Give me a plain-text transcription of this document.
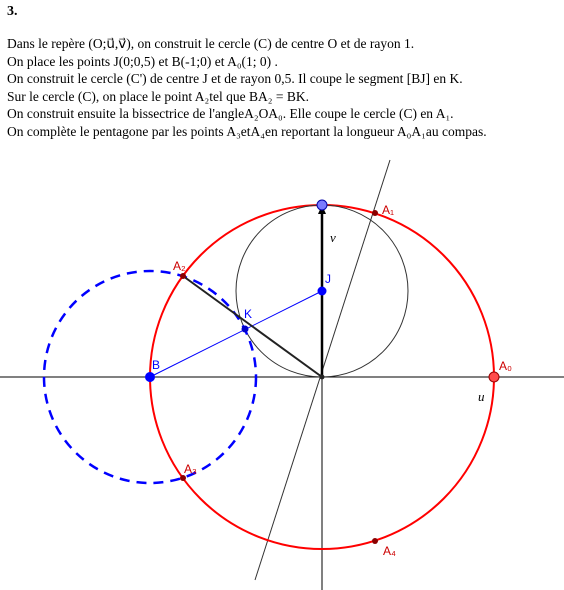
3.
Dans le repère (O;u⃗,v⃗), on construit le cercle (C) de centre O et de rayon 1.
On place les points J(0;0,5) et B(-1;0) et A₀(1; 0) .
On construit le cercle (C') de centre J et de rayon 0,5. Il coupe le segment [BJ] en K.
Sur le cercle (C), on place le point A₂tel que BA₂ = BK.
On construit ensuite la bissectrice de l'angleA₂OA₀. Elle coupe le cercle (C) en A₁.
On complète le pentagone par les points A₃etA₄en reportant la longueur A₀A₁au compas.
A₀
A₁
A₂
A₃
A₄
B
J
K
u⃗
v⃗
